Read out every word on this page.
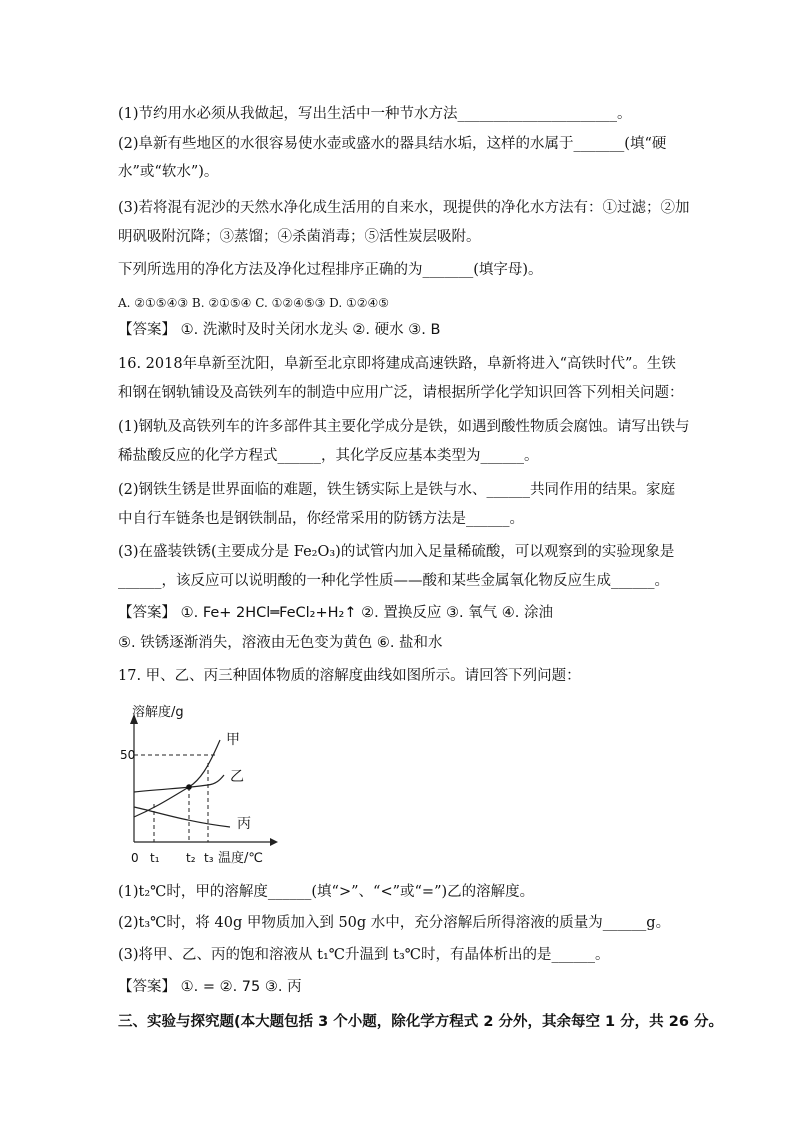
(1)节约用水必须从我做起，写出生活中一种节水方法______________________。
(2)阜新有些地区的水很容易使水壶或盛水的器具结水垢，这样的水属于_______(填“硬
水”或“软水”)。
(3)若将混有泥沙的天然水净化成生活用的自来水，现提供的净化水方法有：①过滤；②加
明矾吸附沉降；③蒸馏；④杀菌消毒；⑤活性炭层吸附。
下列所选用的净化方法及净化过程排序正确的为_______(填字母)。
A. ②①⑤④③ B. ②①⑤④ C. ①②④⑤③ D. ①②④⑤
【答案】 ①. 洗漱时及时关闭水龙头 ②. 硬水 ③. B
16. 2018年阜新至沈阳，阜新至北京即将建成高速铁路，阜新将进入“高铁时代”。生铁
和钢在钢轨铺设及高铁列车的制造中应用广泛，请根据所学化学知识回答下列相关问题：
(1)钢轨及高铁列车的许多部件其主要化学成分是铁，如遇到酸性物质会腐蚀。请写出铁与
稀盐酸反应的化学方程式______，其化学反应基本类型为______。
(2)钢铁生锈是世界面临的难题，铁生锈实际上是铁与水、______共同作用的结果。家庭
中自行车链条也是钢铁制品，你经常采用的防锈方法是______。
(3)在盛装铁锈(主要成分是 Fe₂O₃)的试管内加入足量稀硫酸，可以观察到的实验现象是
______，该反应可以说明酸的一种化学性质——酸和某些金属氧化物反应生成______。
【答案】 ①. Fe+ 2HCl═FeCl₂+H₂↑ ②. 置换反应 ③. 氧气 ④. 涂油
⑤. 铁锈逐渐消失，溶液由无色变为黄色 ⑥. 盐和水
17. 甲、乙、丙三种固体物质的溶解度曲线如图所示。请回答下列问题：
溶解度/g
50
甲
乙
丙
0 t₁ t₂ t₃ 温度/℃
(1)t₂℃时，甲的溶解度______(填“>”、“<”或“=”)乙的溶解度。
(2)t₃℃时，将 40g 甲物质加入到 50g 水中，充分溶解后所得溶液的质量为______g。
(3)将甲、乙、丙的饱和溶液从 t₁℃升温到 t₃℃时，有晶体析出的是______。
【答案】 ①. = ②. 75 ③. 丙
三、实验与探究题(本大题包括 3 个小题，除化学方程式 2 分外，其余每空 1 分，共 26 分。
